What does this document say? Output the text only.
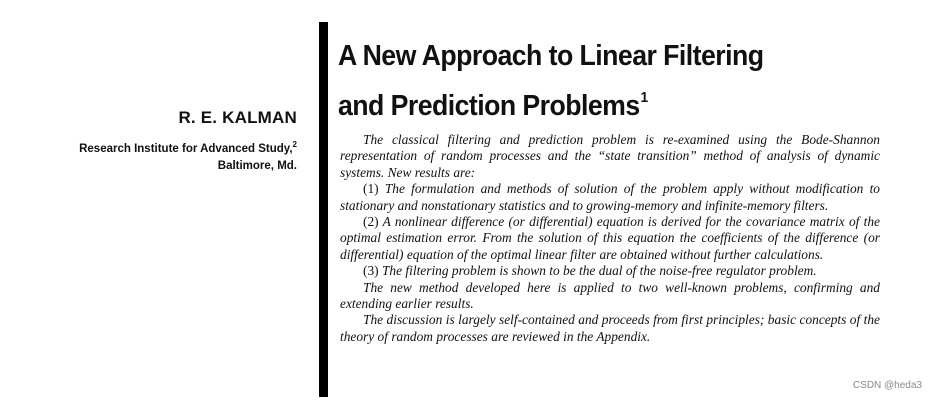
R. E. KALMAN
Research Institute for Advanced Study,$^2$
Baltimore, Md.
A New Approach to Linear Filtering
and Prediction Problems$^1$

The classical filtering and prediction problem is re-examined using the Bode-Shannon representation of random processes and the “state transition” method of analysis of dynamic systems. New results are:

(1) The formulation and methods of solution of the problem apply without modification to stationary and nonstationary statistics and to growing-memory and infinite-memory filters.

(2) A nonlinear difference (or differential) equation is derived for the covariance matrix of the optimal estimation error. From the solution of this equation the coefficients of the difference (or differential) equation of the optimal linear filter are obtained without further calculations.

(3) The filtering problem is shown to be the dual of the noise-free regulator problem.

The new method developed here is applied to two well-known problems, confirming and extending earlier results.

The discussion is largely self-contained and proceeds from first principles; basic concepts of the theory of random processes are reviewed in the Appendix.

CSDN @heda3
